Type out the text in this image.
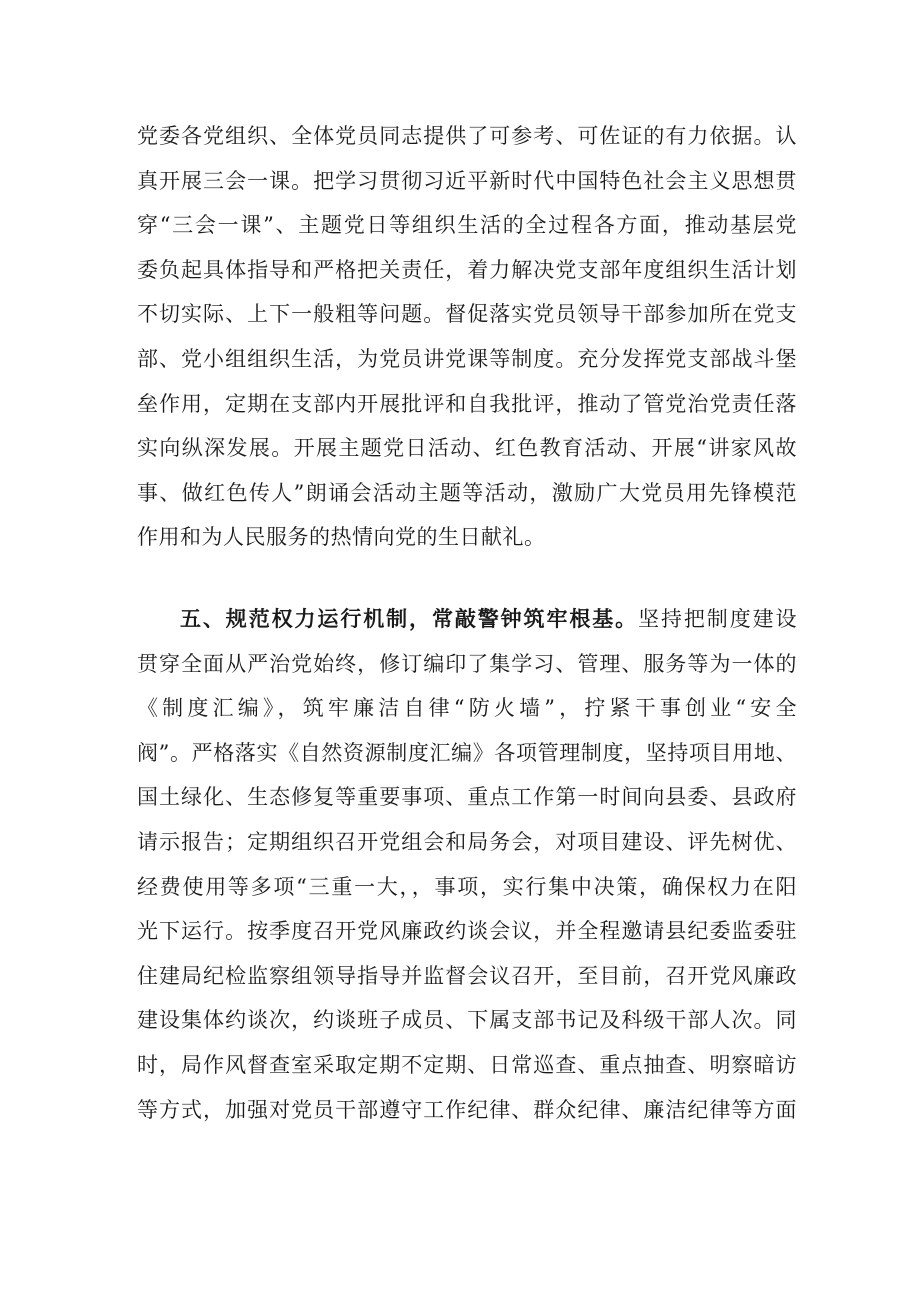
党委各党组织、全体党员同志提供了可参考、可佐证的有力依据。认
真开展三会一课。把学习贯彻习近平新时代中国特色社会主义思想贯
穿“三会一课”、主题党日等组织生活的全过程各方面，推动基层党
委负起具体指导和严格把关责任，着力解决党支部年度组织生活计划
不切实际、上下一般粗等问题。督促落实党员领导干部参加所在党支
部、党小组组织生活，为党员讲党课等制度。充分发挥党支部战斗堡
垒作用，定期在支部内开展批评和自我批评，推动了管党治党责任落
实向纵深发展。开展主题党日活动、红色教育活动、开展“讲家风故
事、做红色传人”朗诵会活动主题等活动，激励广大党员用先锋模范
作用和为人民服务的热情向党的生日献礼。
五、规范权力运行机制，常敲警钟筑牢根基。坚持把制度建设
贯穿全面从严治党始终，修订编印了集学习、管理、服务等为一体的
《制度汇编》，筑牢廉洁自律“防火墙”，拧紧干事创业“安全
阀”。严格落实《自然资源制度汇编》各项管理制度，坚持项目用地、
国土绿化、生态修复等重要事项、重点工作第一时间向县委、县政府
请示报告；定期组织召开党组会和局务会，对项目建设、评先树优、
经费使用等多项“三重一大，，事项，实行集中决策，确保权力在阳
光下运行。按季度召开党风廉政约谈会议，并全程邀请县纪委监委驻
住建局纪检监察组领导指导并监督会议召开，至目前，召开党风廉政
建设集体约谈次，约谈班子成员、下属支部书记及科级干部人次。同
时，局作风督查室采取定期不定期、日常巡查、重点抽查、明察暗访
等方式，加强对党员干部遵守工作纪律、群众纪律、廉洁纪律等方面
